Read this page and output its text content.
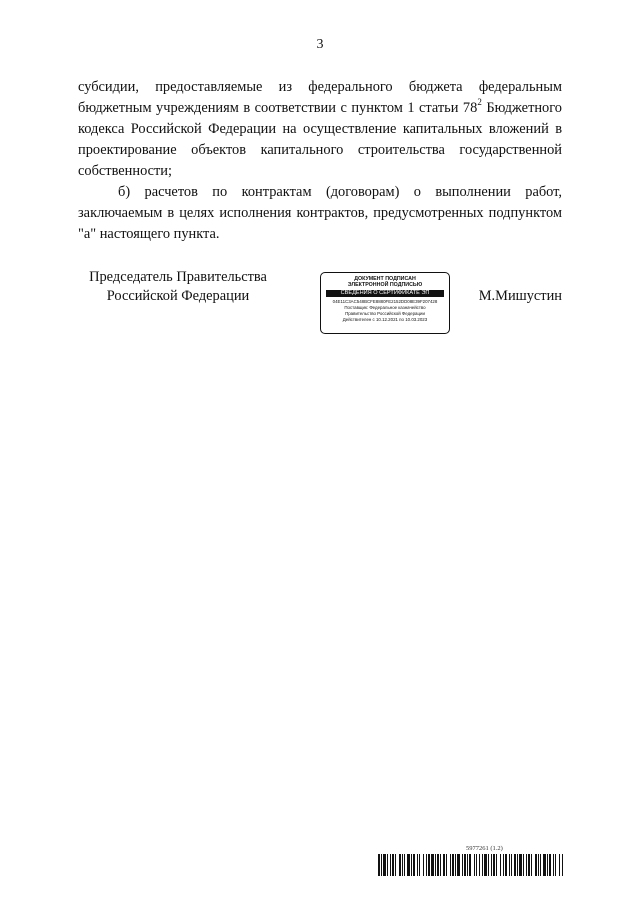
3

субсидии, предоставляемые из федерального бюджета федеральным бюджетным учреждениям в соответствии с пунктом 1 статьи $78^2$ Бюджетного кодекса Российской Федерации на осуществление капитальных вложений в проектирование объектов капитального строительства государственной собственности;

б) расчетов по контрактам (договорам) о выполнении работ, заключаемым в целях исполнения контрактов, предусмотренных подпунктом "а" настоящего пункта.

Председатель Правительства
Российской Федерации
ДОКУМЕНТ ПОДПИСАН
ЭЛЕКТРОННОЙ ПОДПИСЬЮ
СВЕДЕНИЯ О СЕРТИФИКАТЕ ЭП
04E11C3AC548BCFE8880FE2152DD08E39F207428
Поставщик: Федеральное казначейство
Правительство Российской Федерации
Действителен с 10.12.2021 по 10.03.2023
М.Мишустин
5977261 (1.2)
